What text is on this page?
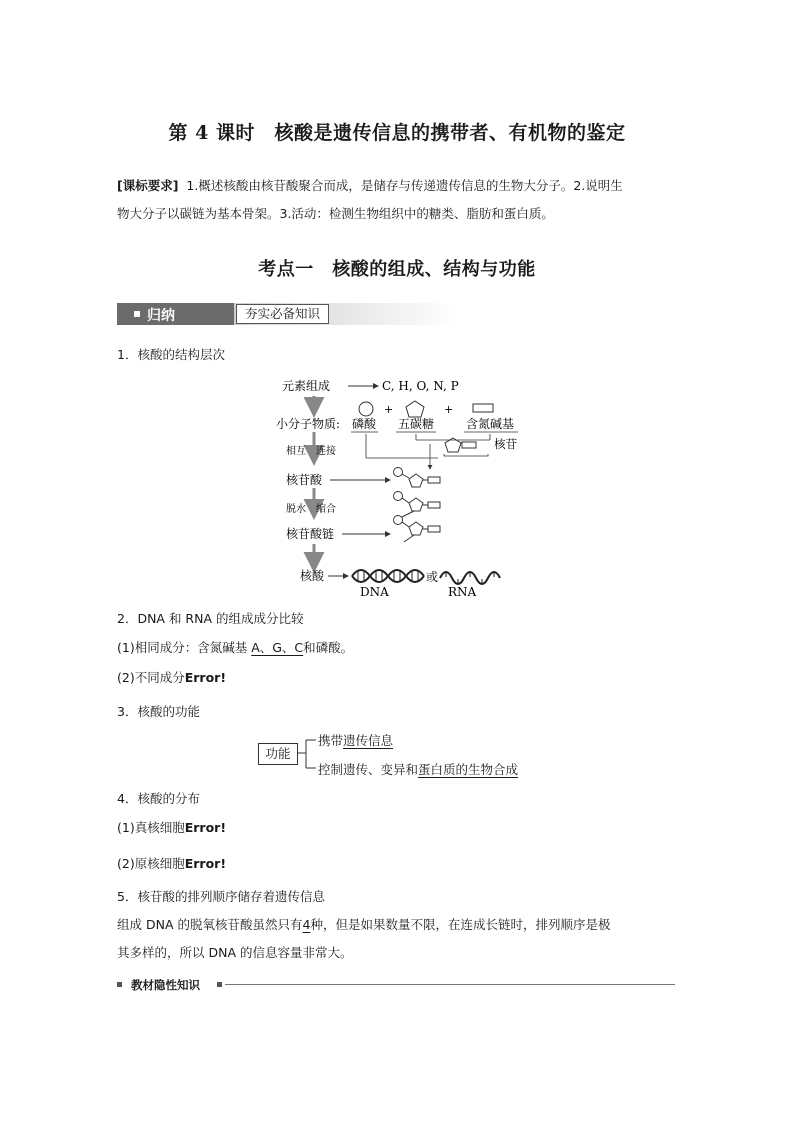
第 4 课时　核酸是遗传信息的携带者、有机物的鉴定
[课标要求] 1.概述核酸由核苷酸聚合而成，是储存与传递遗传信息的生物大分子。2.说明生
物大分子以碳链为基本骨架。3.活动：检测生物组织中的糖类、脂肪和蛋白质。
考点一　核酸的组成、结构与功能
归纳	夯实必备知识
1．核酸的结构层次
元素组成	C, H, O, N, P
+	+
小分子物质: 磷酸 五碳糖	含氮碱基
核苷
相互　连接
核苷酸
脱水　缩合
核苷酸链
核酸	或
DNA	RNA
2．DNA 和 RNA 的组成成分比较
(1)相同成分：含氮碱基 A、G、C和磷酸。
(2)不同成分Error!
3．核酸的功能
功能
携带遗传信息
控制遗传、变异和蛋白质的生物合成
4．核酸的分布
(1)真核细胞Error!
(2)原核细胞Error!
5．核苷酸的排列顺序储存着遗传信息
组成 DNA 的脱氧核苷酸虽然只有4种，但是如果数量不限，在连成长链时，排列顺序是极
其多样的，所以 DNA 的信息容量非常大。
教材隐性知识
